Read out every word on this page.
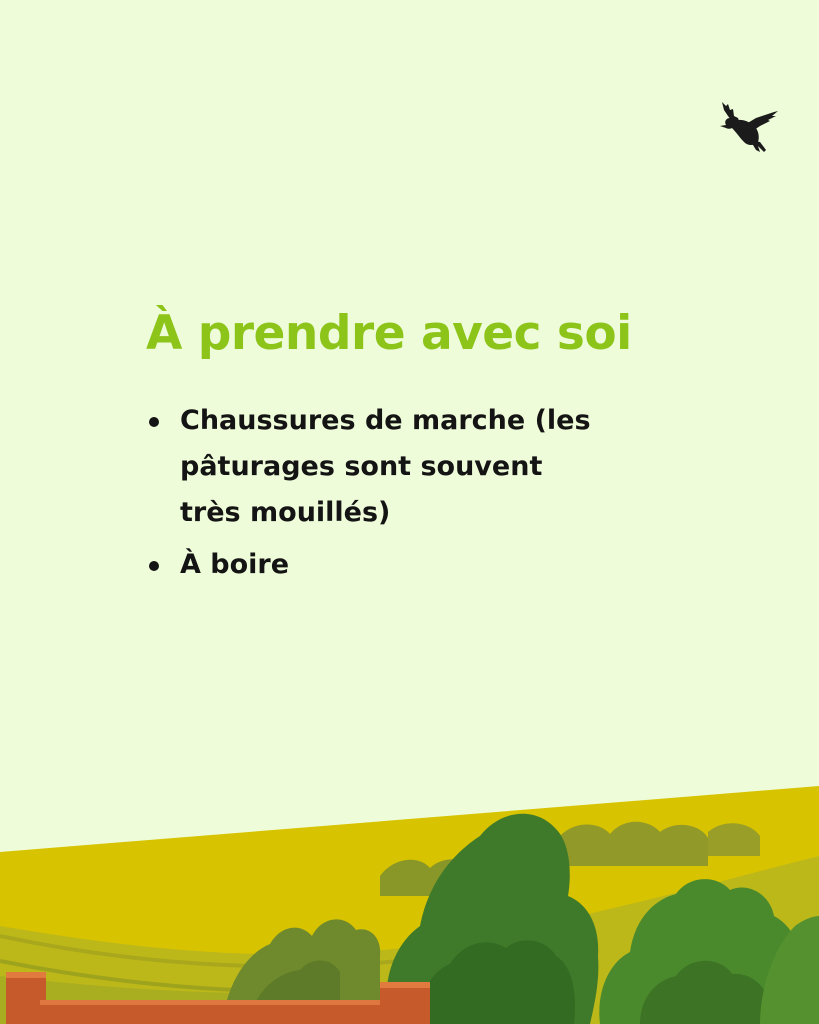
À prendre avec soi
Chaussures de marche (les pâturages sont souvent très mouillés)
À boire
